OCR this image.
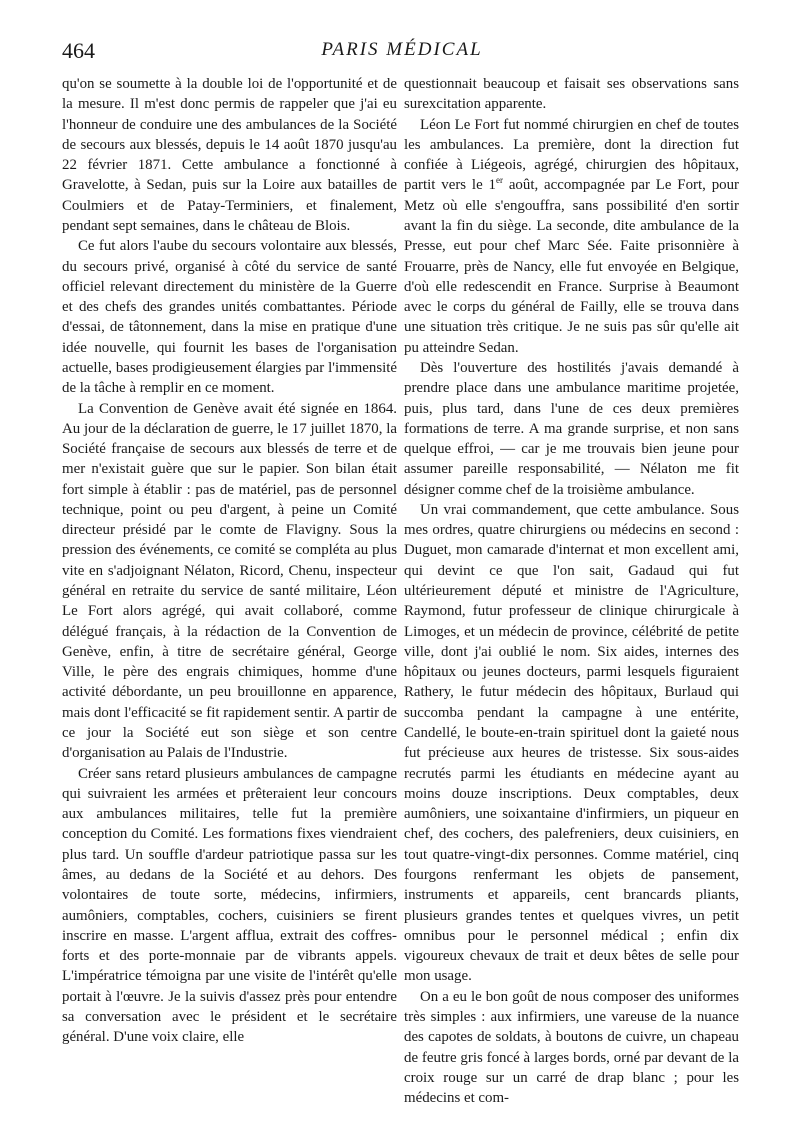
464	PARIS MÉDICAL

qu'on se soumette à la double loi de l'opportunité et de la mesure. Il m'est donc permis de rappeler que j'ai eu l'honneur de conduire une des ambulances de la Société de secours aux blessés, depuis le 14 août 1870 jusqu'au 22 février 1871. Cette ambulance a fonctionné à Gravelotte, à Sedan, puis sur la Loire aux batailles de Coulmiers et de Patay-Terminiers, et finalement, pendant sept semaines, dans le château de Blois.

Ce fut alors l'aube du secours volontaire aux blessés, du secours privé, organisé à côté du service de santé officiel relevant directement du ministère de la Guerre et des chefs des grandes unités combattantes. Période d'essai, de tâtonnement, dans la mise en pratique d'une idée nouvelle, qui fournit les bases de l'organisation actuelle, bases prodigieusement élargies par l'immensité de la tâche à remplir en ce moment.

La Convention de Genève avait été signée en 1864. Au jour de la déclaration de guerre, le 17 juillet 1870, la Société française de secours aux blessés de terre et de mer n'existait guère que sur le papier. Son bilan était fort simple à établir : pas de matériel, pas de personnel technique, point ou peu d'argent, à peine un Comité directeur présidé par le comte de Flavigny. Sous la pression des événements, ce comité se compléta au plus vite en s'adjoignant Nélaton, Ricord, Chenu, inspecteur général en retraite du service de santé militaire, Léon Le Fort alors agrégé, qui avait collaboré, comme délégué français, à la rédaction de la Convention de Genève, enfin, à titre de secrétaire général, George Ville, le père des engrais chimiques, homme d'une activité débordante, un peu brouillonne en apparence, mais dont l'efficacité se fit rapidement sentir. A partir de ce jour la Société eut son siège et son centre d'organisation au Palais de l'Industrie.

Créer sans retard plusieurs ambulances de campagne qui suivraient les armées et prêteraient leur concours aux ambulances militaires, telle fut la première conception du Comité. Les formations fixes viendraient plus tard. Un souffle d'ardeur patriotique passa sur les âmes, au dedans de la Société et au dehors. Des volontaires de toute sorte, médecins, infirmiers, aumôniers, comptables, cochers, cuisiniers se firent inscrire en masse. L'argent afflua, extrait des coffres-forts et des porte-monnaie par de vibrants appels. L'impératrice témoigna par une visite de l'intérêt qu'elle portait à l'œuvre. Je la suivis d'assez près pour entendre sa conversation avec le président et le secrétaire général. D'une voix claire, elle

questionnait beaucoup et faisait ses observations sans surexcitation apparente.

Léon Le Fort fut nommé chirurgien en chef de toutes les ambulances. La première, dont la direction fut confiée à Liégeois, agrégé, chirurgien des hôpitaux, partit vers le 1er août, accompagnée par Le Fort, pour Metz où elle s'engouffra, sans possibilité d'en sortir avant la fin du siège. La seconde, dite ambulance de la Presse, eut pour chef Marc Sée. Faite prisonnière à Frouarre, près de Nancy, elle fut envoyée en Belgique, d'où elle redescendit en France. Surprise à Beaumont avec le corps du général de Failly, elle se trouva dans une situation très critique. Je ne suis pas sûr qu'elle ait pu atteindre Sedan.

Dès l'ouverture des hostilités j'avais demandé à prendre place dans une ambulance maritime projetée, puis, plus tard, dans l'une de ces deux premières formations de terre. A ma grande surprise, et non sans quelque effroi, — car je me trouvais bien jeune pour assumer pareille responsabilité, — Nélaton me fit désigner comme chef de la troisième ambulance.

Un vrai commandement, que cette ambulance. Sous mes ordres, quatre chirurgiens ou médecins en second : Duguet, mon camarade d'internat et mon excellent ami, qui devint ce que l'on sait, Gadaud qui fut ultérieurement député et ministre de l'Agriculture, Raymond, futur professeur de clinique chirurgicale à Limoges, et un médecin de province, célébrité de petite ville, dont j'ai oublié le nom. Six aides, internes des hôpitaux ou jeunes docteurs, parmi lesquels figuraient Rathery, le futur médecin des hôpitaux, Burlaud qui succomba pendant la campagne à une entérite, Candellé, le boute-en-train spirituel dont la gaieté nous fut précieuse aux heures de tristesse. Six sous-aides recrutés parmi les étudiants en médecine ayant au moins douze inscriptions. Deux comptables, deux aumôniers, une soixantaine d'infirmiers, un piqueur en chef, des cochers, des palefreniers, deux cuisiniers, en tout quatre-vingt-dix personnes. Comme matériel, cinq fourgons renfermant les objets de pansement, instruments et appareils, cent brancards pliants, plusieurs grandes tentes et quelques vivres, un petit omnibus pour le personnel médical ; enfin dix vigoureux chevaux de trait et deux bêtes de selle pour mon usage.

On a eu le bon goût de nous composer des uniformes très simples : aux infirmiers, une vareuse de la nuance des capotes de soldats, à boutons de cuivre, un chapeau de feutre gris foncé à larges bords, orné par devant de la croix rouge sur un carré de drap blanc ; pour les médecins et com-
